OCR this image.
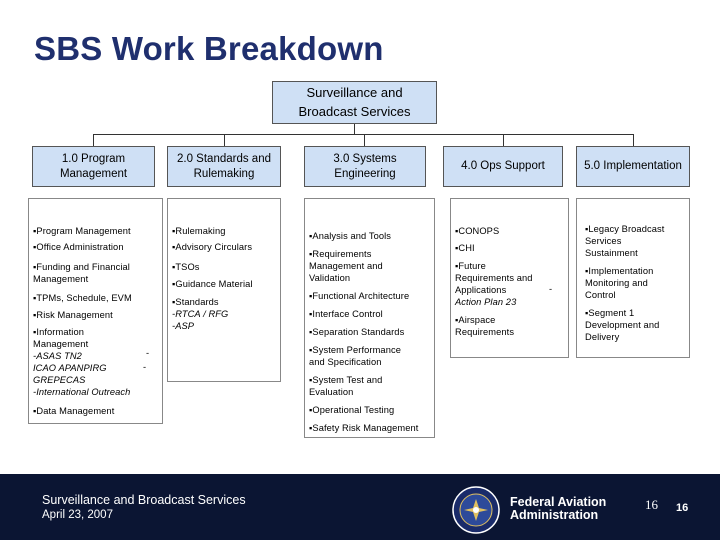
SBS Work Breakdown
Surveillance and
Broadcast Services
1.0 Program
Management
2.0 Standards and
Rulemaking
3.0 Systems
Engineering
4.0 Ops Support	5.0 Implementation
▪Program Management
▪Office Administration
▪Funding and Financial
Management
▪TPMs, Schedule, EVM
▪Risk Management
▪Information
Management
-ASAS TN2
ICAO APANPIRG
GREPECAS
-International Outreach
-
-
▪Data Management
▪Rulemaking
▪Advisory Circulars
▪TSOs
▪Guidance Material
▪Standards
-RTCA / RFG
-ASP
▪Analysis and Tools
▪Requirements
Management and
Validation
▪Functional Architecture
▪Interface Control
▪Separation Standards
▪System Performance
and Specification
▪System Test and
Evaluation
▪Operational Testing
▪Safety Risk Management
▪CONOPS
▪CHI
▪Future
Requirements and
Applications
Action Plan 23
-
▪Airspace
Requirements
▪Legacy Broadcast
Services
Sustainment
▪Implementation
Monitoring and
Control
▪Segment 1
Development and
Delivery
Surveillance and Broadcast Services
April 23, 2007
Federal Aviation
Administration
16 16
